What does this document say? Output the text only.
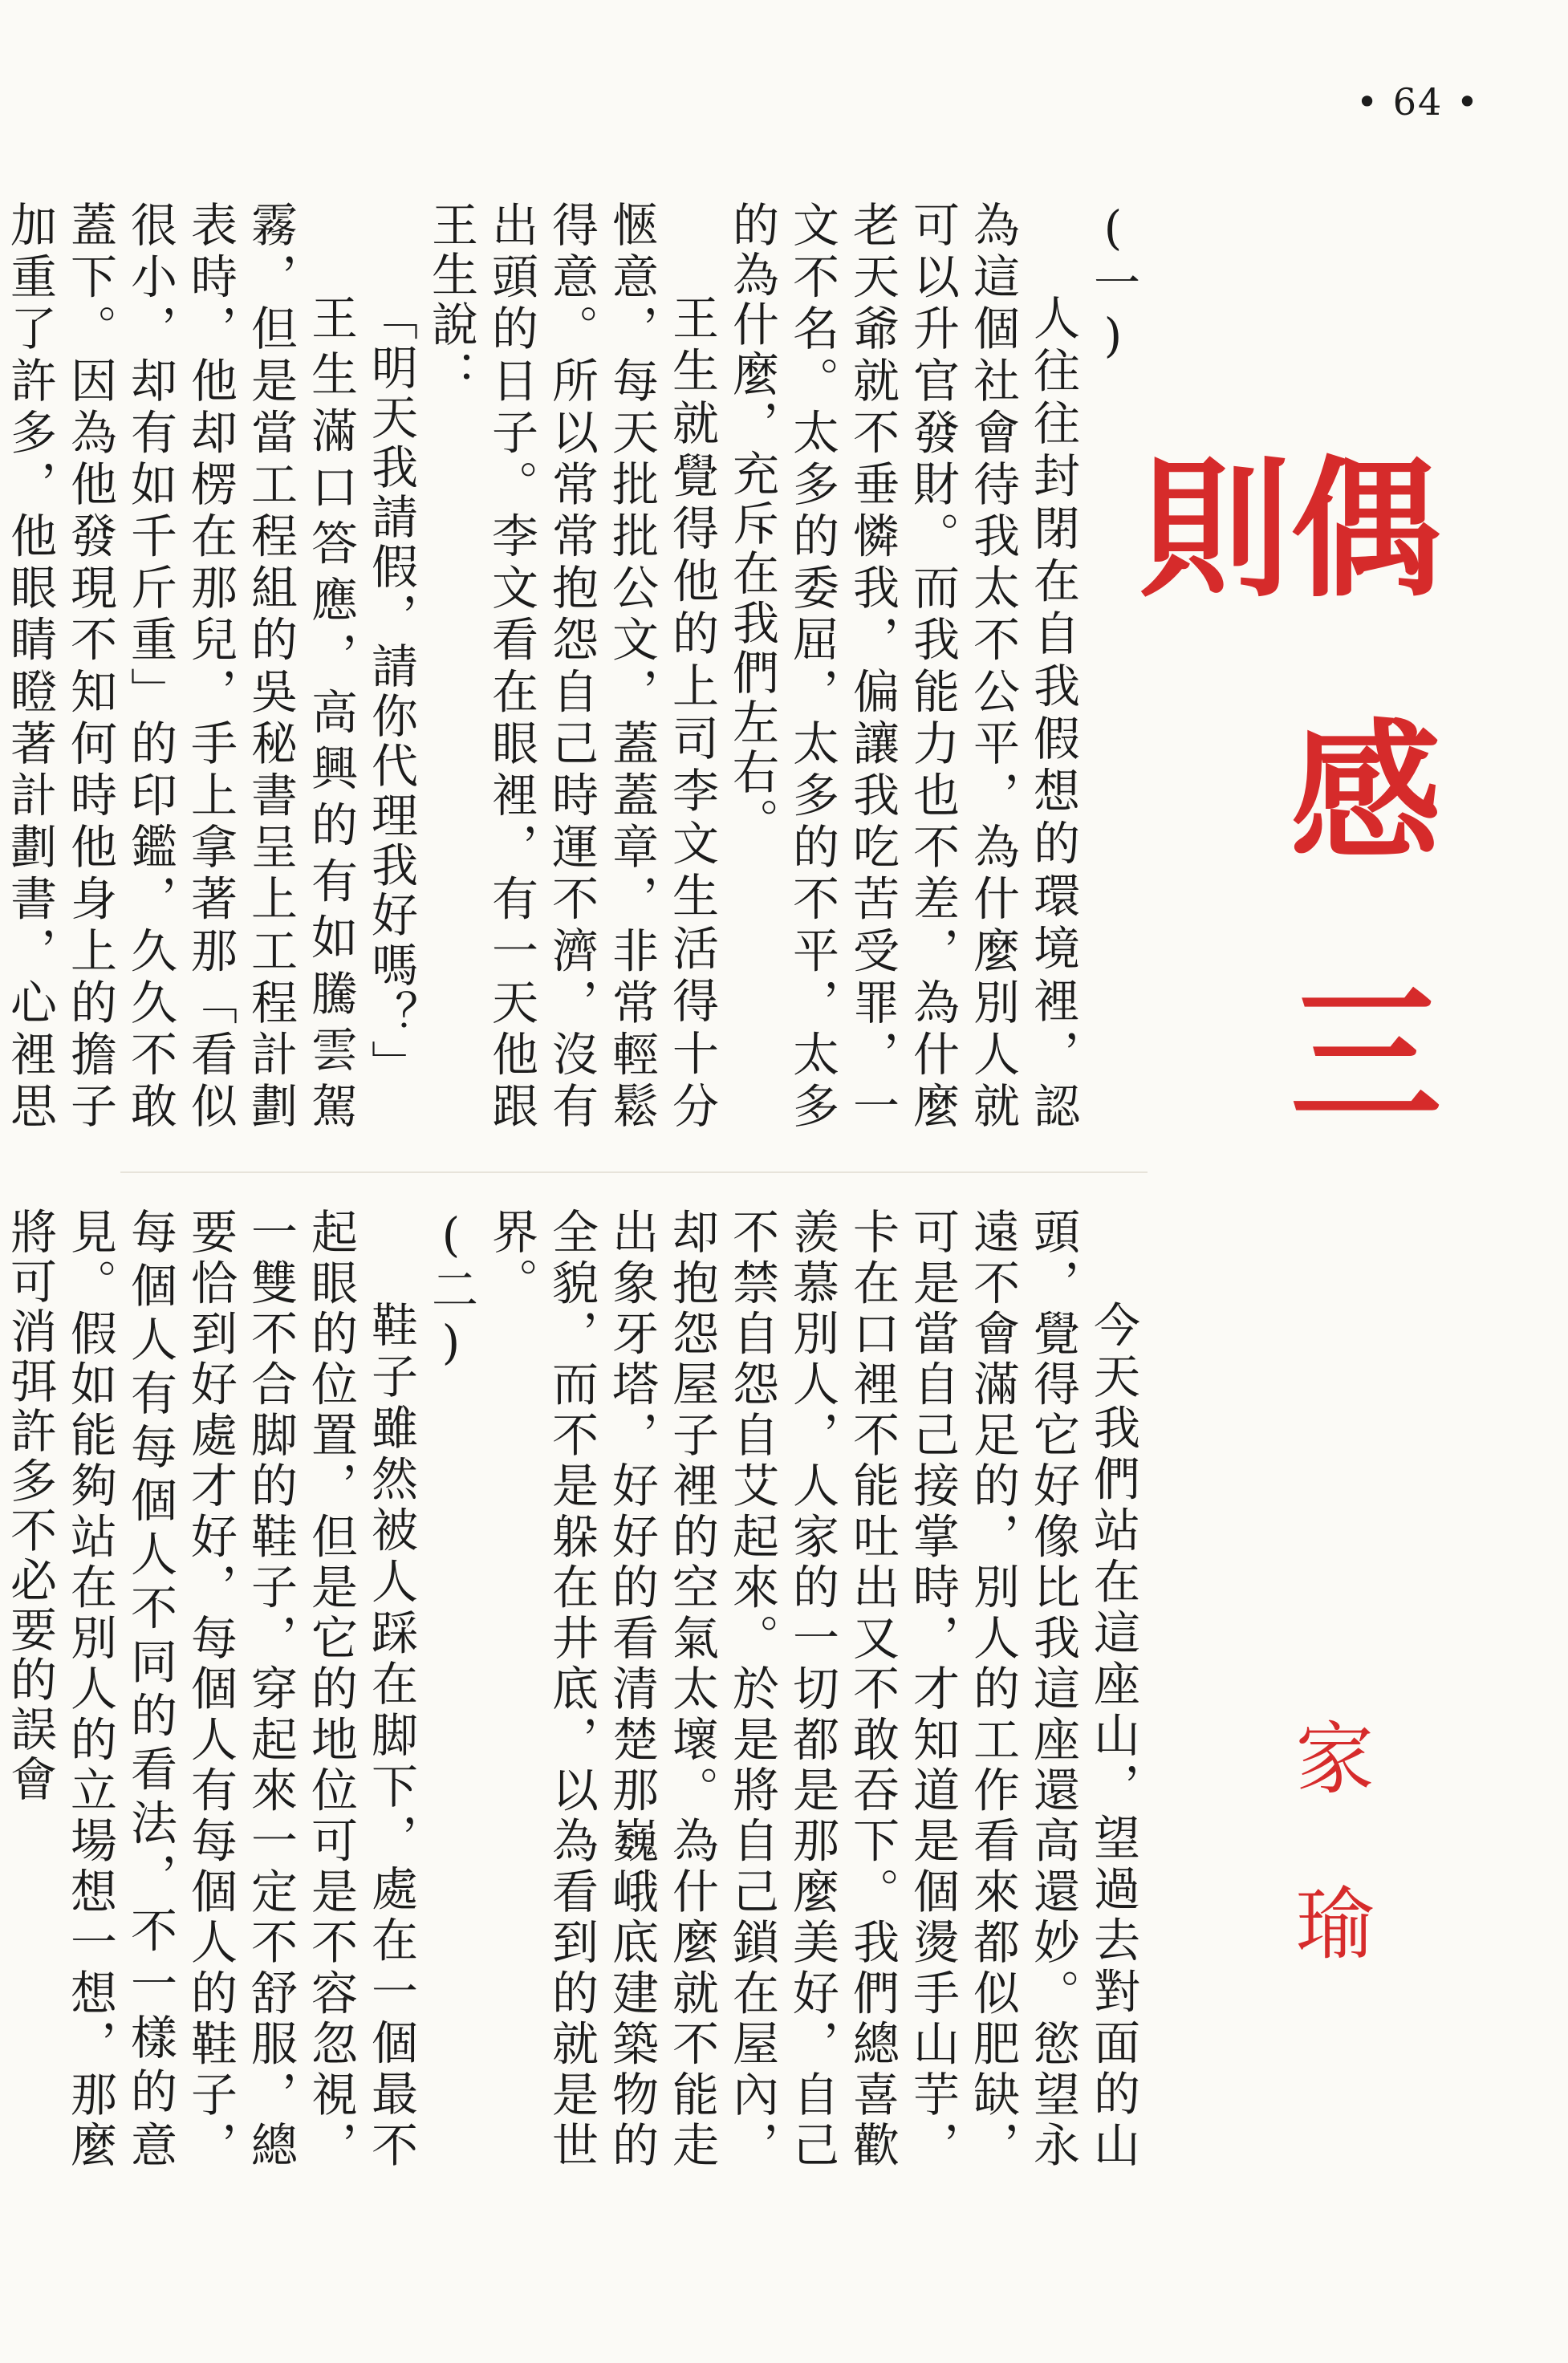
• 64 •
偶感三則
家瑜

(一)

人往往封閉在自我假想的環境裡，認為這個社會待我太不公平，為什麼別人就可以升官發財。而我能力也不差，為什麼老天爺就不垂憐我，偏讓我吃苦受罪，一文不名。太多的委屈，太多的不平，太多的為什麼，充斥在我們左右。

王生就覺得他的上司李文生活得十分愜意，每天批批公文，蓋蓋章，非常輕鬆得意。所以常常抱怨自己時運不濟，沒有出頭的日子。李文看在眼裡，有一天他跟王生說：

「明天我請假，請你代理我好嗎？」

王生滿口答應，高興的有如騰雲駕霧，但是當工程組的吳秘書呈上工程計劃表時，他却楞在那兒，手上拿著那「看似很小，却有如千斤重」的印鑑，久久不敢蓋下。因為他發現不知何時他身上的擔子加重了許多，他眼睛瞪著計劃書，心裡思

今天我們站在這座山，望過去對面的山頭，覺得它好像比我這座還高還妙。慾望永遠不會滿足的，別人的工作看來都似肥缺，可是當自己接掌時，才知道是個燙手山芋，卡在口裡不能吐出又不敢吞下。我們總喜歡羨慕別人，人家的一切都是那麼美好，自己不禁自怨自艾起來。於是將自己鎖在屋內，却抱怨屋子裡的空氣太壞。為什麼就不能走出象牙塔，好好的看清楚那巍峨底建築物的全貌，而不是躲在井底，以為看到的就是世界。

(二)

鞋子雖然被人踩在脚下，處在一個最不起眼的位置，但是它的地位可是不容忽視，一雙不合脚的鞋子，穿起來一定不舒服，總要恰到好處才好，每個人有每個人的鞋子，每個人有每個人不同的看法，不一樣的意見。假如能夠站在別人的立場想一想，那麼將可消弭許多不必要的誤會
